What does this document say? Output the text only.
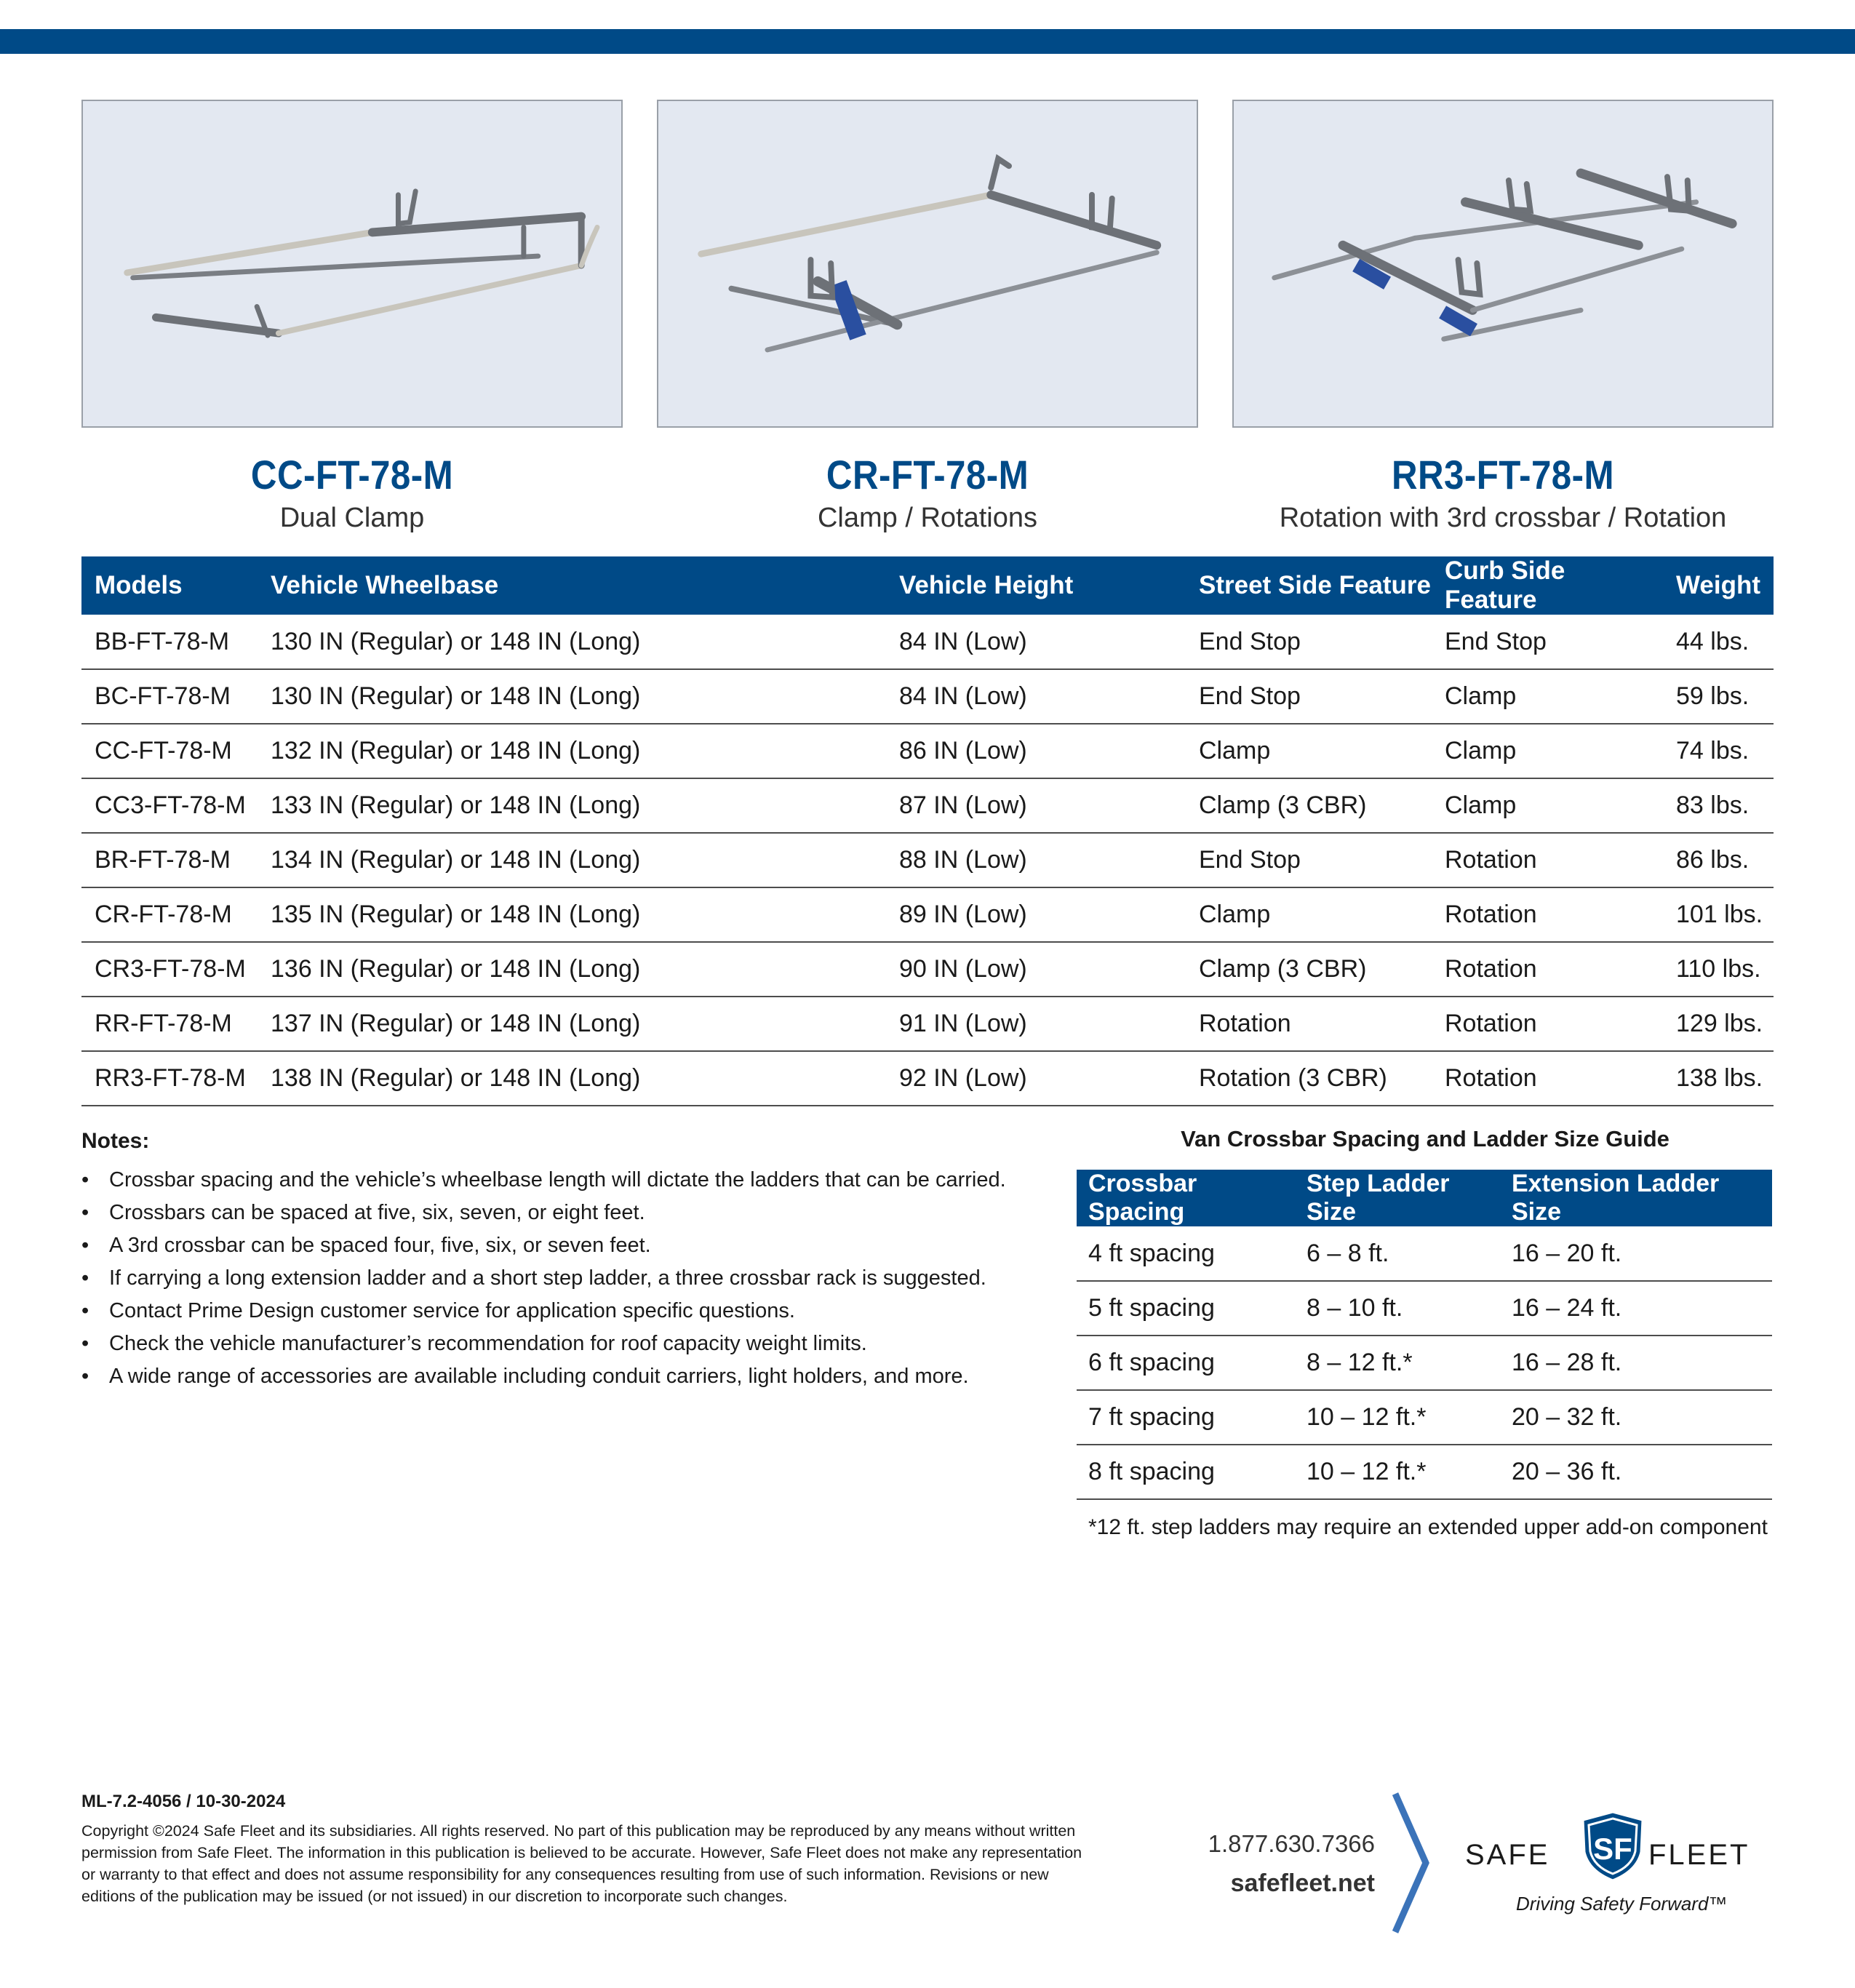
CC-FT-78-M
Dual Clamp
CR-FT-78-M
Clamp / Rotations
RR3-FT-78-M
Rotation with 3rd crossbar / Rotation
Models	Vehicle Wheelbase	Vehicle Height	Street Side Feature	Curb Side Feature	Weight
BB-FT-78-M	130 IN (Regular) or 148 IN (Long)	84 IN (Low)	End Stop	End Stop	44 lbs.
BC-FT-78-M	130 IN (Regular) or 148 IN (Long)	84 IN (Low)	End Stop	Clamp	59 lbs.
CC-FT-78-M	132 IN (Regular) or 148 IN (Long)	86 IN (Low)	Clamp	Clamp	74 lbs.
CC3-FT-78-M	133 IN (Regular) or 148 IN (Long)	87 IN (Low)	Clamp (3 CBR)	Clamp	83 lbs.
BR-FT-78-M	134 IN (Regular) or 148 IN (Long)	88 IN (Low)	End Stop	Rotation	86 lbs.
CR-FT-78-M	135 IN (Regular) or 148 IN (Long)	89 IN (Low)	Clamp	Rotation	101 lbs.
CR3-FT-78-M	136 IN (Regular) or 148 IN (Long)	90 IN (Low)	Clamp (3 CBR)	Rotation	110 lbs.
RR-FT-78-M	137 IN (Regular) or 148 IN (Long)	91 IN (Low)	Rotation	Rotation	129 lbs.
RR3-FT-78-M	138 IN (Regular) or 148 IN (Long)	92 IN (Low)	Rotation (3 CBR)	Rotation	138 lbs.
Notes:
• Crossbar spacing and the vehicle’s wheelbase length will dictate the ladders that can be carried.
• Crossbars can be spaced at five, six, seven, or eight feet.
• A 3rd crossbar can be spaced four, five, six, or seven feet.
• If carrying a long extension ladder and a short step ladder, a three crossbar rack is suggested.
• Contact Prime Design customer service for application specific questions.
• Check the vehicle manufacturer’s recommendation for roof capacity weight limits.
• A wide range of accessories are available including conduit carriers, light holders, and more.
Van Crossbar Spacing and Ladder Size Guide
Crossbar Spacing	Step Ladder Size	Extension Ladder Size
4 ft spacing	6 – 8 ft.	16 – 20 ft.
5 ft spacing	8 – 10 ft.	16 – 24 ft.
6 ft spacing	8 – 12 ft.*	16 – 28 ft.
7 ft spacing	10 – 12 ft.*	20 – 32 ft.
8 ft spacing	10 – 12 ft.*	20 – 36 ft.
*12 ft. step ladders may require an extended upper add-on component
ML-7.2-4056 / 10-30-2024
Copyright ©2024 Safe Fleet and its subsidiaries. All rights reserved. No part of this publication may be reproduced by any means without written permission from Safe Fleet. The information in this publication is believed to be accurate. However, Safe Fleet does not make any representation or warranty to that effect and does not assume responsibility for any consequences resulting from use of such information. Revisions or new editions of the publication may be issued (or not issued) in our discretion to incorporate such changes.
1.877.630.7366
safefleet.net
SAFE SF FLEET
Driving Safety Forward™
